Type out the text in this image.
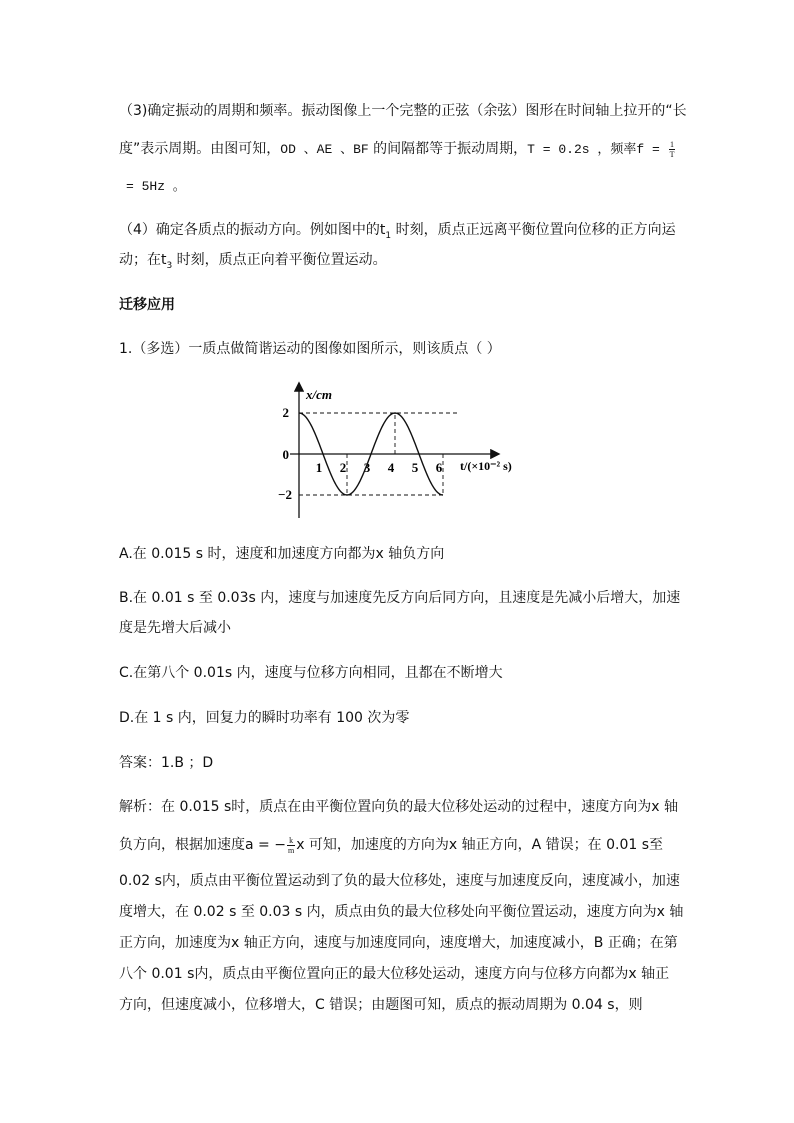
（3)确定振动的周期和频率。振动图像上一个完整的正弦（余弦）图形在时间轴上拉开的“长
度”表示周期。由图可知，OD 、AE 、BF 的间隔都等于振动周期，T = 0.2s ，频率$f = \frac{1}{T}$
= 5Hz 。
（4）确定各质点的振动方向。例如图中的$t_1$ 时刻，质点正远离平衡位置向位移的正方向运
动；在$t_3$ 时刻，质点正向着平衡位置运动。
迁移应用
1.（多选）一质点做简谐运动的图像如图所示，则该质点（ ）
x/cm
t/(×10⁻² s)
2
0
−2
1 2 3 4 5 6
A.在 0.015 s 时，速度和加速度方向都为x 轴负方向
B.在 0.01 s 至 0.03s 内，速度与加速度先反方向后同方向，且速度是先减小后增大，加速
度是先增大后减小
C.在第八个 0.01s 内，速度与位移方向相同，且都在不断增大
D.在 1 s 内，回复力的瞬时功率有 100 次为零
答案：1.B ；D
解析：在 0.015 s时，质点在由平衡位置向负的最大位移处运动的过程中，速度方向为x 轴
负方向，根据加速度a = − $\frac{k}{m}$ x 可知，加速度的方向为x 轴正方向，A 错误；在 0.01 s至
0.02 s内，质点由平衡位置运动到了负的最大位移处，速度与加速度反向，速度减小，加速
度增大，在 0.02 s 至 0.03 s 内，质点由负的最大位移处向平衡位置运动，速度方向为x 轴
正方向，加速度为x 轴正方向，速度与加速度同向，速度增大，加速度减小，B 正确；在第
八个 0.01 s内，质点由平衡位置向正的最大位移处运动，速度方向与位移方向都为x 轴正
方向，但速度减小，位移增大，C 错误；由题图可知，质点的振动周期为 0.04 s，则
